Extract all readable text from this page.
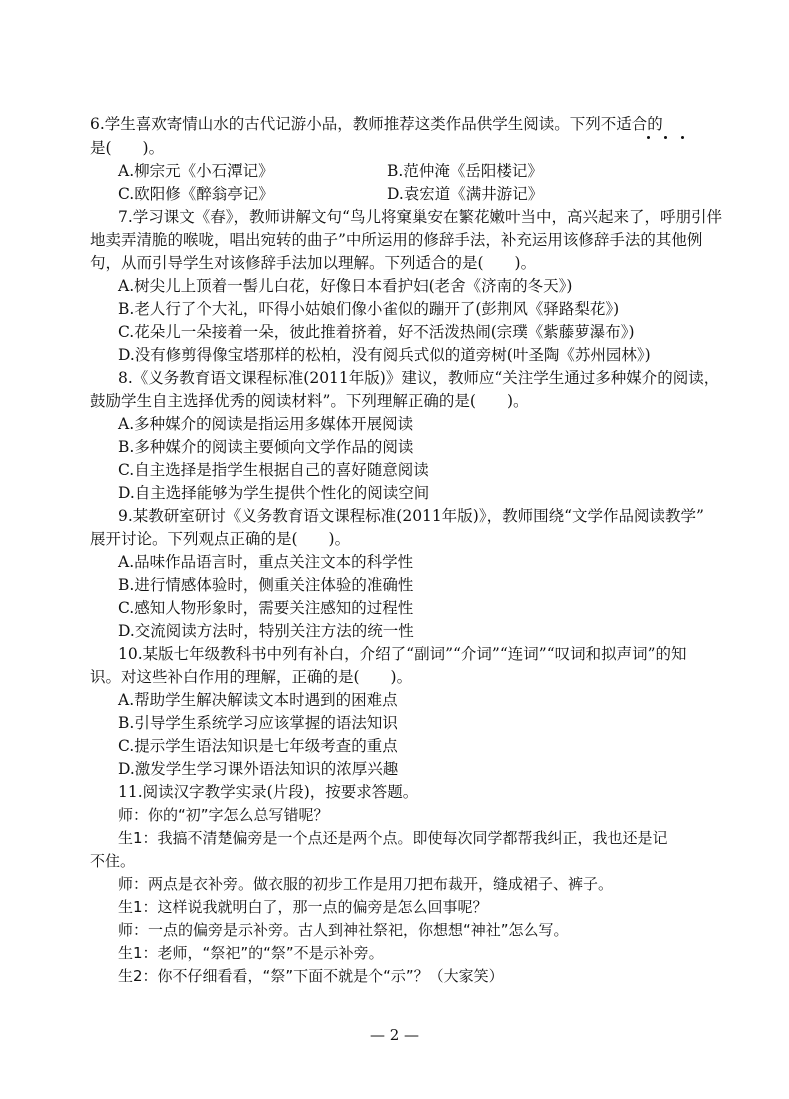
6.学生喜欢寄情山水的古代记游小品，教师推荐这类作品供学生阅读。下列不适合的
是(　　)。
A.柳宗元《小石潭记》	B.范仲淹《岳阳楼记》
C.欧阳修《醉翁亭记》	D.袁宏道《满井游记》
7.学习课文《春》，教师讲解文句“鸟儿将窠巢安在繁花嫩叶当中，高兴起来了，呼朋引伴
地卖弄清脆的喉咙，唱出宛转的曲子”中所运用的修辞手法，补充运用该修辞手法的其他例
句，从而引导学生对该修辞手法加以理解。下列适合的是(　　)。
A.树尖儿上顶着一髻儿白花，好像日本看护妇(老舍《济南的冬天》)
B.老人行了个大礼，吓得小姑娘们像小雀似的蹦开了(彭荆风《驿路梨花》)
C.花朵儿一朵接着一朵，彼此推着挤着，好不活泼热闹(宗璞《紫藤萝瀑布》)
D.没有修剪得像宝塔那样的松柏，没有阅兵式似的道旁树(叶圣陶《苏州园林》)
8.《义务教育语文课程标准(2011年版)》建议，教师应“关注学生通过多种媒介的阅读，
鼓励学生自主选择优秀的阅读材料”。下列理解正确的是(　　)。
A.多种媒介的阅读是指运用多媒体开展阅读
B.多种媒介的阅读主要倾向文学作品的阅读
C.自主选择是指学生根据自己的喜好随意阅读
D.自主选择能够为学生提供个性化的阅读空间
9.某教研室研讨《义务教育语文课程标准(2011年版)》，教师围绕“文学作品阅读教学”
展开讨论。下列观点正确的是(　　)。
A.品味作品语言时，重点关注文本的科学性
B.进行情感体验时，侧重关注体验的准确性
C.感知人物形象时，需要关注感知的过程性
D.交流阅读方法时，特别关注方法的统一性
10.某版七年级教科书中列有补白，介绍了“副词”“介词”“连词”“叹词和拟声词”的知
识。对这些补白作用的理解，正确的是(　　)。
A.帮助学生解决解读文本时遇到的困难点
B.引导学生系统学习应该掌握的语法知识
C.提示学生语法知识是七年级考查的重点
D.激发学生学习课外语法知识的浓厚兴趣
11.阅读汉字教学实录(片段)，按要求答题。
师：你的“初”字怎么总写错呢？
生1：我搞不清楚偏旁是一个点还是两个点。即使每次同学都帮我纠正，我也还是记
不住。
师：两点是衣补旁。做衣服的初步工作是用刀把布裁开，缝成裙子、裤子。
生1：这样说我就明白了，那一点的偏旁是怎么回事呢？
师：一点的偏旁是示补旁。古人到神社祭祀，你想想“神社”怎么写。
生1：老师，“祭祀”的“祭”不是示补旁。
生2：你不仔细看看，“祭”下面不就是个“示”？（大家笑）
— 2 —
